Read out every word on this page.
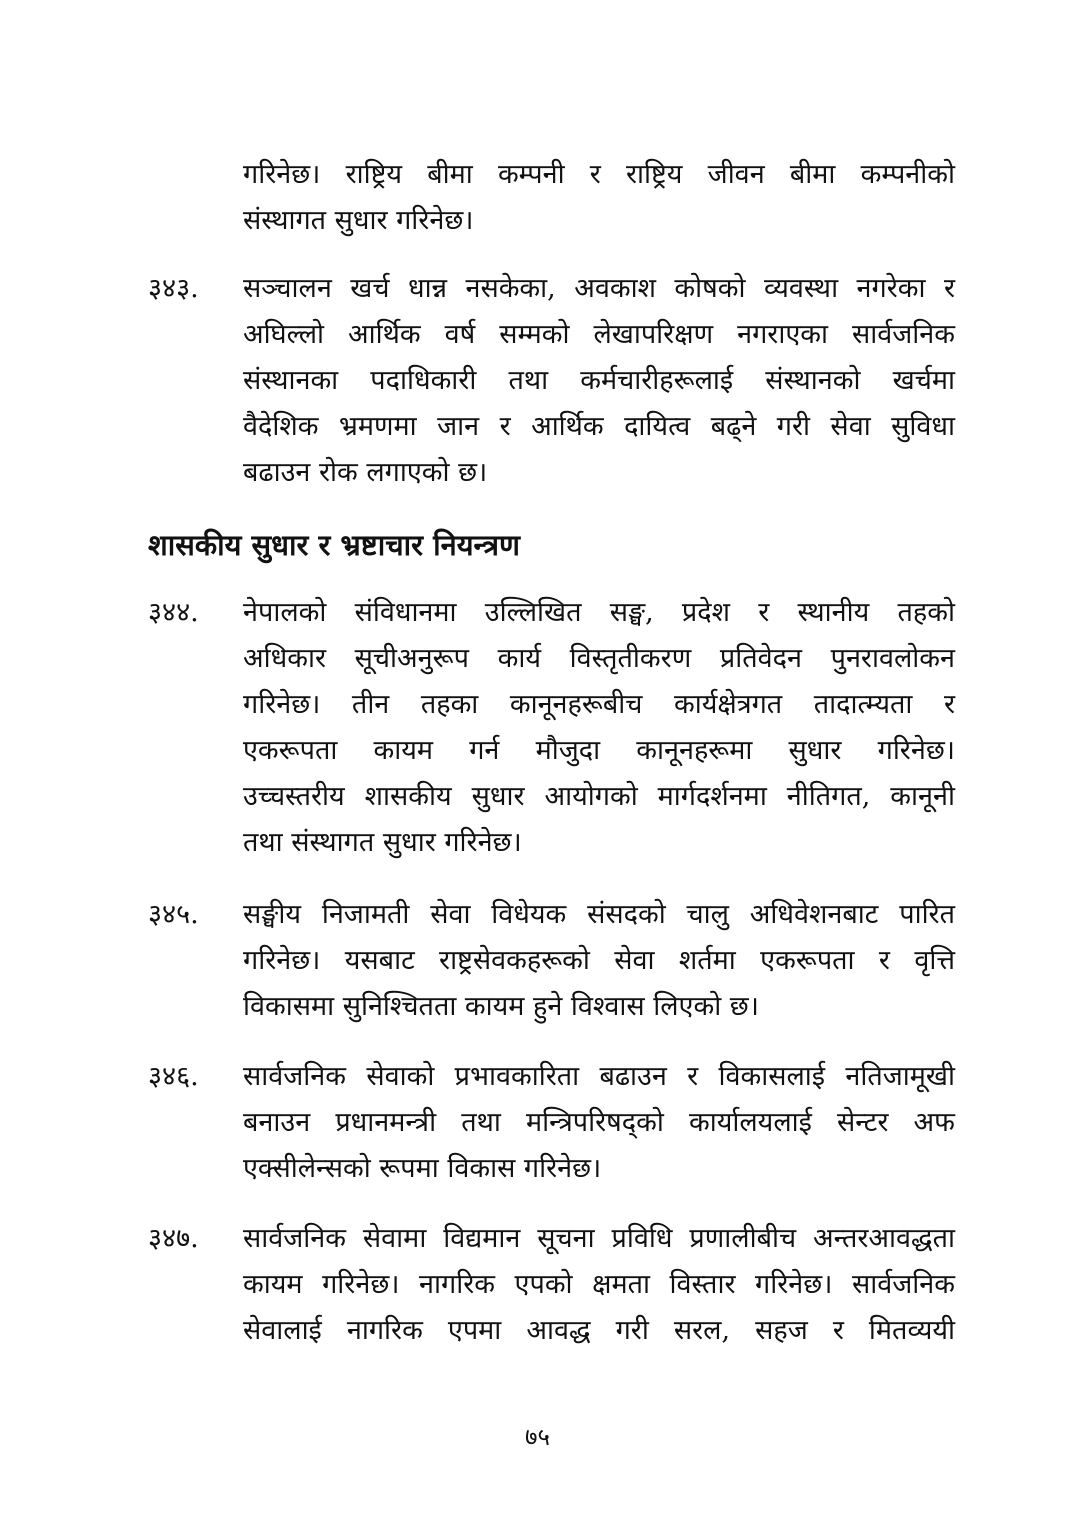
गरिनेछ। राष्ट्रिय बीमा कम्पनी र राष्ट्रिय जीवन बीमा कम्पनीको
संस्थागत सुधार गरिनेछ।
३४३. सञ्चालन खर्च धान्न नसकेका, अवकाश कोषको व्यवस्था नगरेका र
अघिल्लो आर्थिक वर्ष सम्मको लेखापरिक्षण नगराएका सार्वजनिक
संस्थानका पदाधिकारी तथा कर्मचारीहरूलाई संस्थानको खर्चमा
वैदेशिक भ्रमणमा जान र आर्थिक दायित्व बढ्ने गरी सेवा सुविधा
बढाउन रोक लगाएको छ।
शासकीय सुधार र भ्रष्टाचार नियन्त्रण
३४४. नेपालको संविधानमा उल्लिखित सङ्घ, प्रदेश र स्थानीय तहको
अधिकार सूचीअनुरूप कार्य विस्तृतीकरण प्रतिवेदन पुनरावलोकन
गरिनेछ। तीन तहका कानूनहरूबीच कार्यक्षेत्रगत तादात्म्यता र
एकरूपता कायम गर्न मौजुदा कानूनहरूमा सुधार गरिनेछ।
उच्चस्तरीय शासकीय सुधार आयोगको मार्गदर्शनमा नीतिगत, कानूनी
तथा संस्थागत सुधार गरिनेछ।
३४५. सङ्घीय निजामती सेवा विधेयक संसदको चालु अधिवेशनबाट पारित
गरिनेछ। यसबाट राष्ट्रसेवकहरूको सेवा शर्तमा एकरूपता र वृत्ति
विकासमा सुनिश्चितता कायम हुने विश्वास लिएको छ।
३४६. सार्वजनिक सेवाको प्रभावकारिता बढाउन र विकासलाई नतिजामूखी
बनाउन प्रधानमन्त्री तथा मन्त्रिपरिषद्को कार्यालयलाई सेन्टर अफ
एक्सीलेन्सको रूपमा विकास गरिनेछ।
३४७. सार्वजनिक सेवामा विद्यमान सूचना प्रविधि प्रणालीबीच अन्तरआवद्धता
कायम गरिनेछ। नागरिक एपको क्षमता विस्तार गरिनेछ। सार्वजनिक
सेवालाई नागरिक एपमा आवद्ध गरी सरल, सहज र मितव्ययी
७५
